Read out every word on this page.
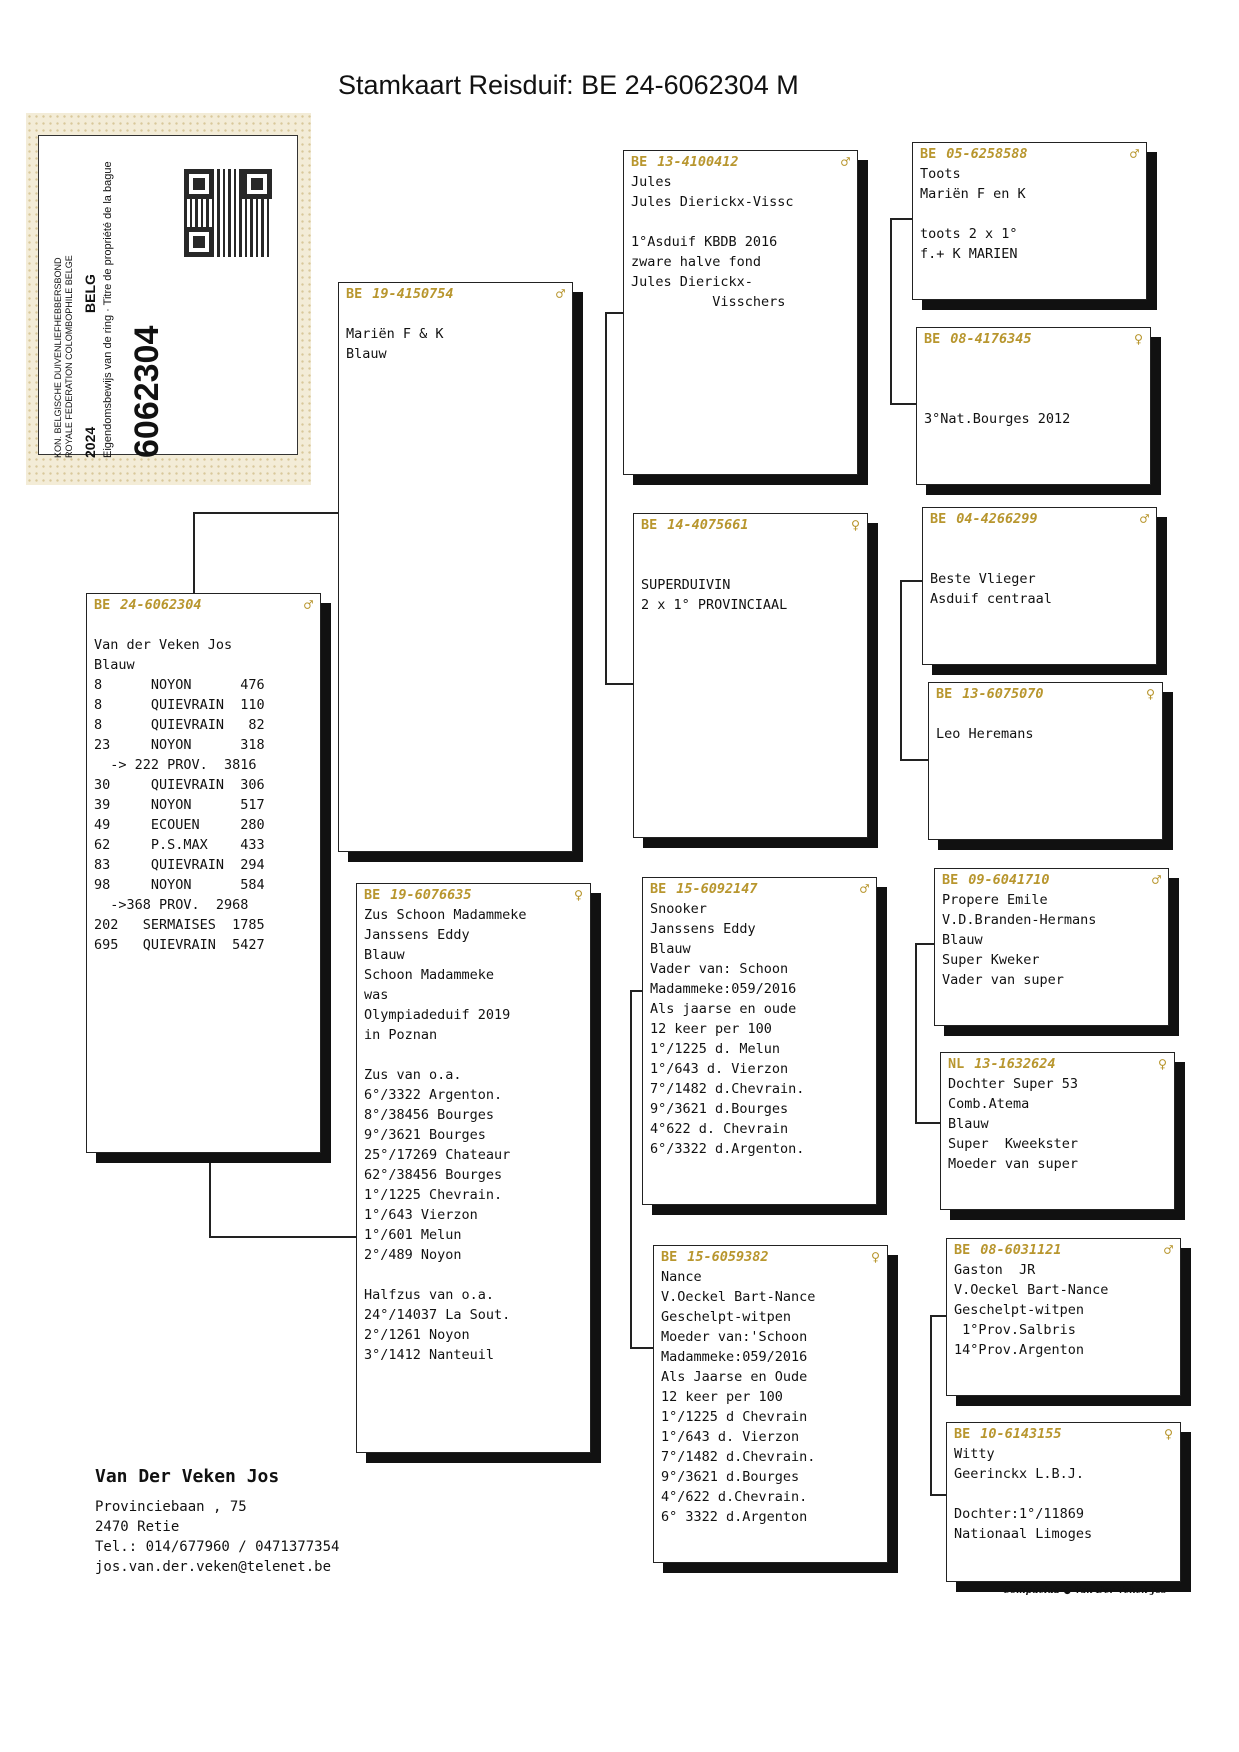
Stamkaart Reisduif: BE 24-6062304 M
KON. BELGISCHE DUIVENLIEFHEBBERSBOND ROYALE FEDERATION COLOMBOPHILE BELGE 2024 BELG Eigendomsbewijs van de ring · Titre de propriété de la bague 6062304
BE 24-6062304	♂

Van der Veken Jos
Blauw
8      NOYON      476
8      QUIEVRAIN  110
8      QUIEVRAIN   82
23     NOYON      318
-> 222 PROV.  3816
30     QUIEVRAIN  306
39     NOYON      517
49     ECOUEN     280
62     P.S.MAX    433
83     QUIEVRAIN  294
98     NOYON      584
->368 PROV.  2968
202   SERMAISES  1785
695   QUIEVRAIN  5427
BE 19-4150754	♂

Mariën F & K
Blauw
BE 19-6076635	♀
Zus Schoon Madammeke
Janssens Eddy
Blauw
Schoon Madammeke
was
Olympiadeduif 2019
in Poznan

Zus van o.a.
6°/3322 Argenton.
8°/38456 Bourges
9°/3621 Bourges
25°/17269 Chateaur
62°/38456 Bourges
1°/1225 Chevrain.
1°/643 Vierzon
1°/601 Melun
2°/489 Noyon

Halfzus van o.a.
24°/14037 La Sout.
2°/1261 Noyon
3°/1412 Nanteuil
BE 13-4100412	♂
Jules
Jules Dierickx-Vissc

1°Asduif KBDB 2016
zware halve fond
Jules Dierickx-
Visschers
BE 14-4075661	♀

SUPERDUIVIN
2 x 1° PROVINCIAAL
BE 15-6092147	♂
Snooker
Janssens Eddy
Blauw
Vader van: Schoon
Madammeke:059/2016
Als jaarse en oude
12 keer per 100
1°/1225 d. Melun
1°/643 d. Vierzon
7°/1482 d.Chevrain.
9°/3621 d.Bourges
4°622 d. Chevrain
6°/3322 d.Argenton.
BE 15-6059382	♀
Nance
V.Oeckel Bart-Nance
Geschelpt-witpen
Moeder van:'Schoon
Madammeke:059/2016
Als Jaarse en Oude
12 keer per 100
1°/1225 d Chevrain
1°/643 d. Vierzon
7°/1482 d.Chevrain.
9°/3621 d.Bourges
4°/622 d.Chevrain.
6° 3322 d.Argenton
BE 05-6258588	♂
Toots
Mariën F en K

toots 2 x 1°
f.+ K MARIEN
BE 08-4176345	♀

3°Nat.Bourges 2012
BE 04-4266299	♂

Beste Vlieger
Asduif centraal
BE 13-6075070	♀

Leo Heremans
BE 09-6041710	♂
Propere Emile
V.D.Branden-Hermans
Blauw
Super Kweker
Vader van super
NL 13-1632624	♀
Dochter Super 53
Comb.Atema
Blauw
Super  Kweekster
Moeder van super
BE 08-6031121	♂
Gaston  JR
V.Oeckel Bart-Nance
Geschelpt-witpen
1°Prov.Salbris
14°Prov.Argenton
BE 10-6143155	♀
Witty
Geerinckx L.B.J.

Dochter:1°/11869
Nationaal Limoges
Van Der Veken Jos
Provinciebaan , 75
2470 Retie
Tel.: 014/677960 / 0471377354
jos.van.der.veken@telenet.be
Compuclub ● Van Der Veken Jos
